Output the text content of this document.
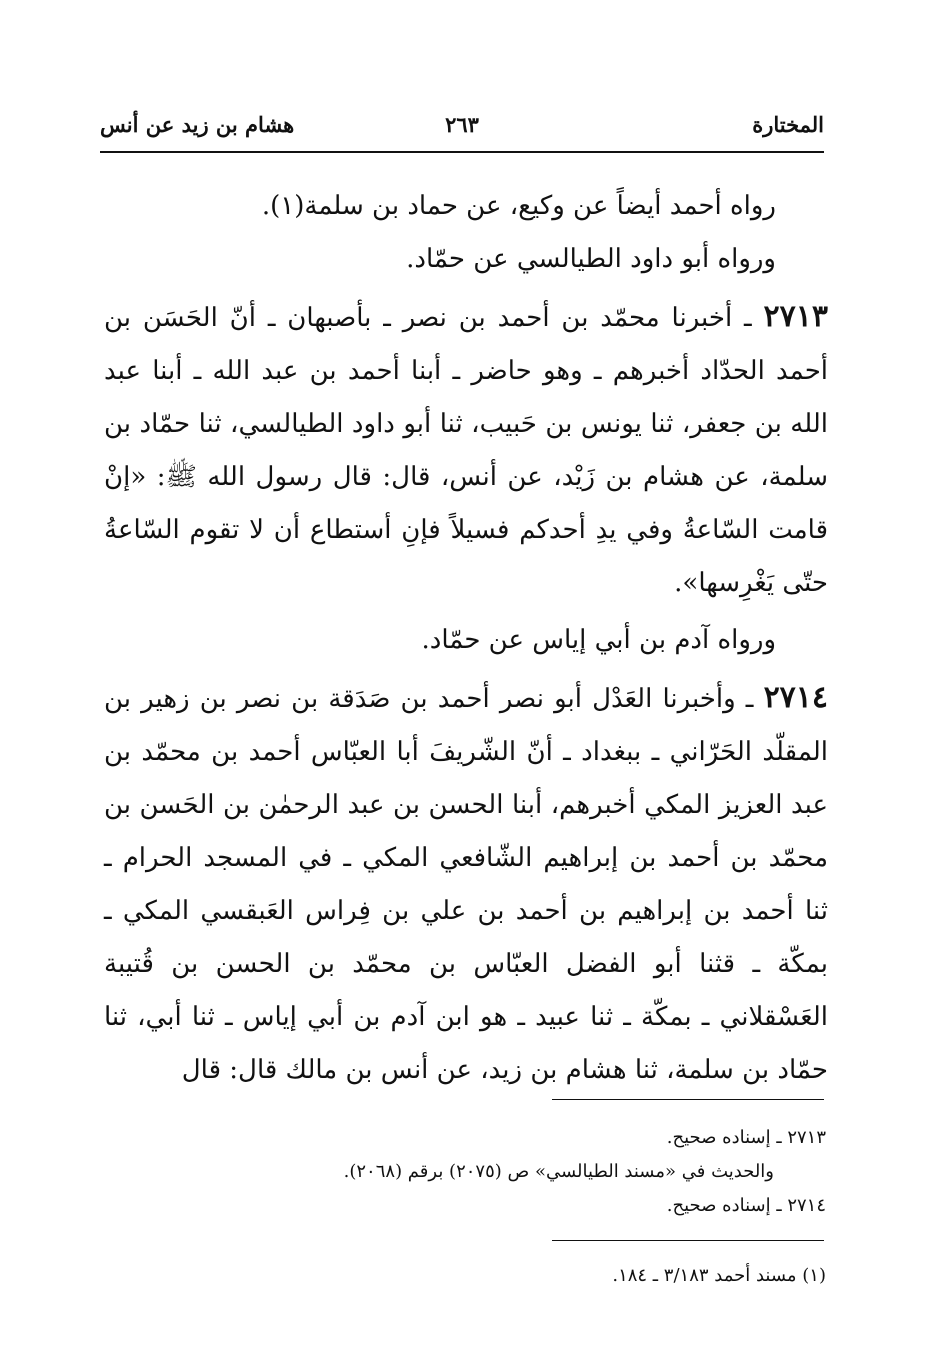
المختارة
٢٦٣
هشام بن زيد عن أنس

رواه أحمد أيضاً عن وكيع، عن حماد بن سلمة(١).

ورواه أبو داود الطيالسي عن حمّاد.

٢٧١٣ ـ أخبرنا محمّد بن أحمد بن نصر ـ بأصبهان ـ أنّ الحَسَن بن أحمد الحدّاد أخبرهم ـ وهو حاضر ـ أبنا أحمد بن عبد الله ـ أبنا عبد الله بن جعفر، ثنا يونس بن حَبيب، ثنا أبو داود الطيالسي، ثنا حمّاد بن سلمة، عن هشام بن زَيْد، عن أنس، قال: قال رسول الله ﷺ: «إنْ قامت السّاعةُ وفي يدِ أحدكم فسيلاً فإنِ أستطاع أن لا تقوم السّاعةُ حتّى يَغْرِسها».

ورواه آدم بن أبي إياس عن حمّاد.

٢٧١٤ ـ وأخبرنا العَدْل أبو نصر أحمد بن صَدَقة بن نصر بن زهير بن المقلّد الحَرّاني ـ ببغداد ـ أنّ الشّريفَ أبا العبّاس أحمد بن محمّد بن عبد العزيز المكي أخبرهم، أبنا الحسن بن عبد الرحمٰن بن الحَسن بن محمّد بن أحمد بن إبراهيم الشّافعي المكي ـ في المسجد الحرام ـ ثنا أحمد بن إبراهيم بن أحمد بن علي بن فِراس العَبقسي المكي ـ بمكّة ـ قثنا أبو الفضل العبّاس بن محمّد بن الحسن بن قُتيبة العَسْقلاني ـ بمكّة ـ ثنا عبيد ـ هو ابن آدم بن أبي إياس ـ ثنا أبي، ثنا حمّاد بن سلمة، ثنا هشام بن زيد، عن أنس بن مالك قال: قال

٢٧١٣ ـ إسناده صحيح.

والحديث في «مسند الطيالسي» ص (٢٠٧٥) برقم (٢٠٦٨).

٢٧١٤ ـ إسناده صحيح.

(١) مسند أحمد ٣/١٨٣ ـ ١٨٤.
